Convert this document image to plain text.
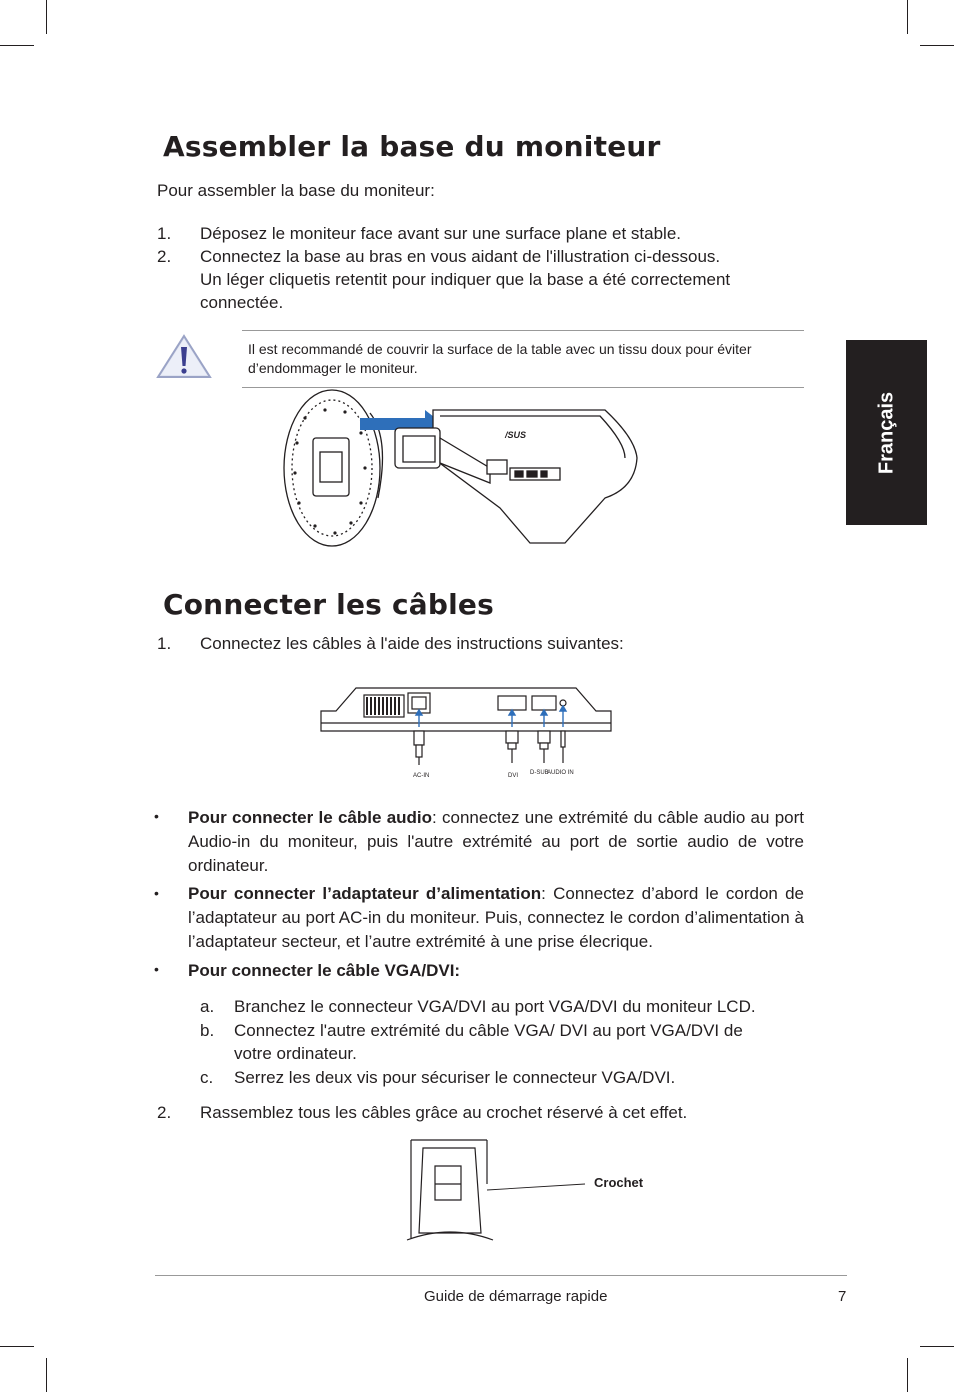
Français
Assembler la base du moniteur
Pour assembler la base du moniteur:
1. Déposez le moniteur face avant sur une surface plane et stable.
2. Connectez la base au bras en vous aidant de l'illustration ci-dessous.
Un léger cliquetis retentit pour indiquer que la base a été correctement
connectée.
Il est recommandé de couvrir la surface de la table avec un tissu doux pour éviter
d’endommager le moniteur.
/SUS
Connecter les câbles
1. Connectez les câbles à l'aide des instructions suivantes:
AC-IN	DVI D-SUB
AUDIO IN
• Pour connecter le câble audio: connectez une extrémité du câble audio au port Audio-in du moniteur, puis l'autre extrémité au port de sortie audio de votre ordinateur.
• Pour connecter l’adaptateur d’alimentation: Connectez d’abord le cordon de l’adaptateur au port AC-in du moniteur. Puis, connectez le cordon d’alimentation à l’adaptateur secteur, et l’autre extrémité à une prise élecrique.
• Pour connecter le câble VGA/DVI:
a. Branchez le connecteur VGA/DVI au port VGA/DVI du moniteur LCD.
b. Connectez l'autre extrémité du câble VGA/ DVI au port VGA/DVI de
votre ordinateur.
c. Serrez les deux vis pour sécuriser le connecteur VGA/DVI.
2. Rassemblez tous les câbles grâce au crochet réservé à cet effet.
Crochet
Guide de démarrage rapide	7
